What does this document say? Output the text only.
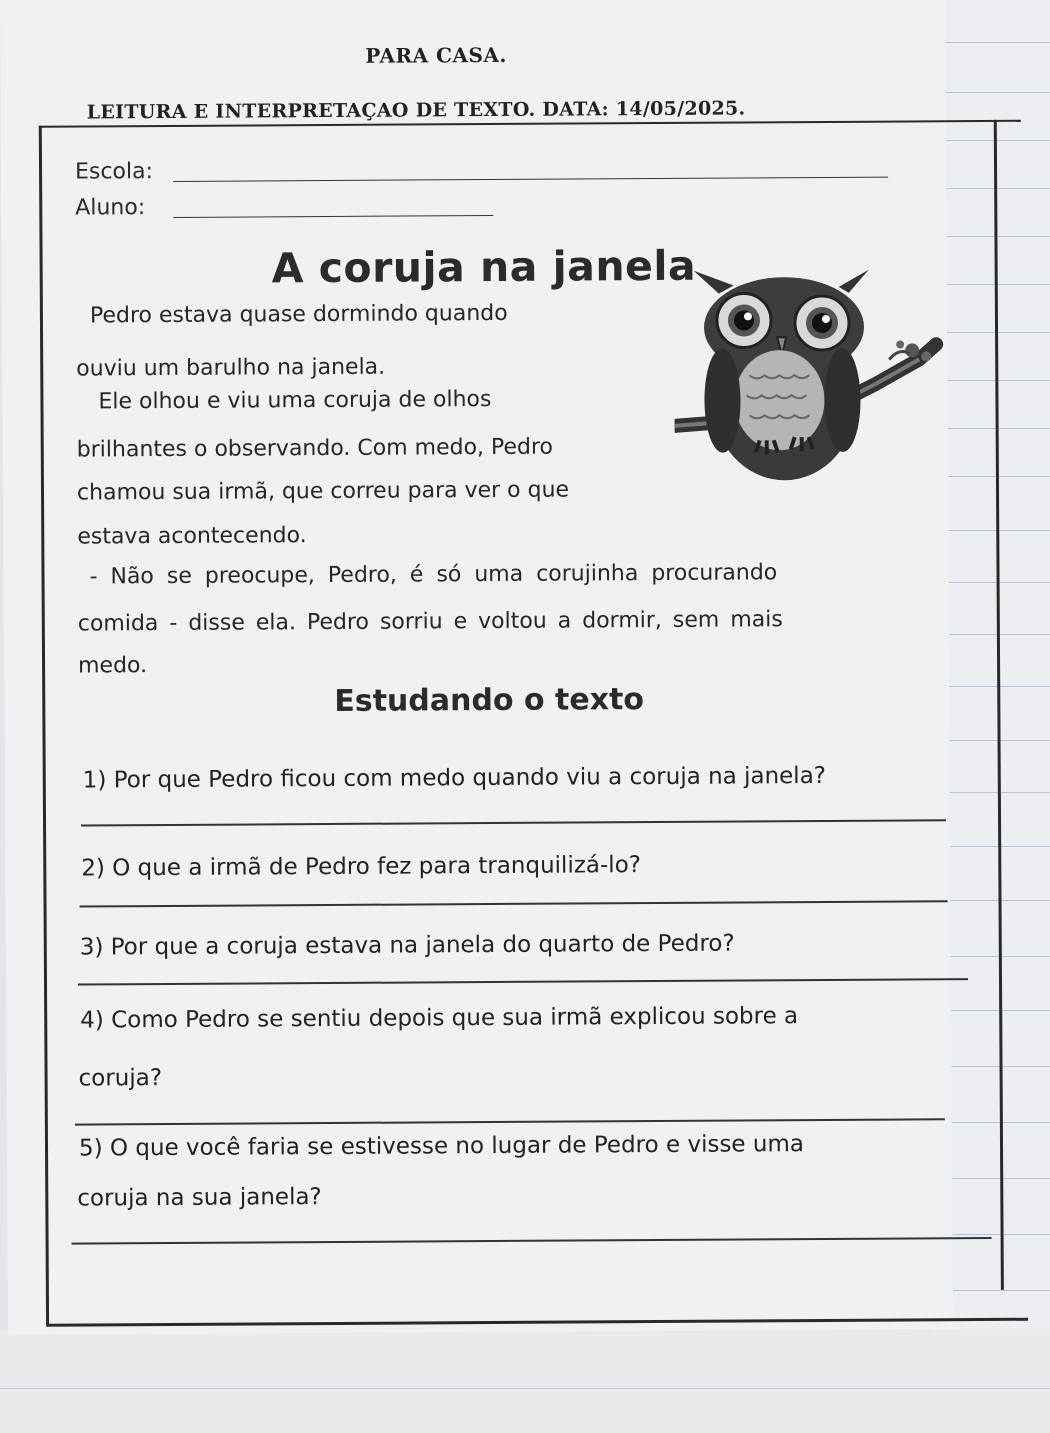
PARA CASA.
LEITURA E INTERPRETAÇAO DE TEXTO. DATA: 14/05/2025.
Escola:
Aluno:
A coruja na janela
Pedro estava quase dormindo quando
ouviu um barulho na janela.
Ele olhou e viu uma coruja de olhos
brilhantes o observando. Com medo, Pedro
chamou sua irmã, que correu para ver o que
estava acontecendo.
- Não se preocupe, Pedro, é só uma corujinha procurando
comida - disse ela. Pedro sorriu e voltou a dormir, sem mais
medo.
Estudando o texto
1) Por que Pedro ficou com medo quando viu a coruja na janela?
2) O que a irmã de Pedro fez para tranquilizá-lo?
3) Por que a coruja estava na janela do quarto de Pedro?
4) Como Pedro se sentiu depois que sua irmã explicou sobre a
coruja?
5) O que você faria se estivesse no lugar de Pedro e visse uma
coruja na sua janela?
